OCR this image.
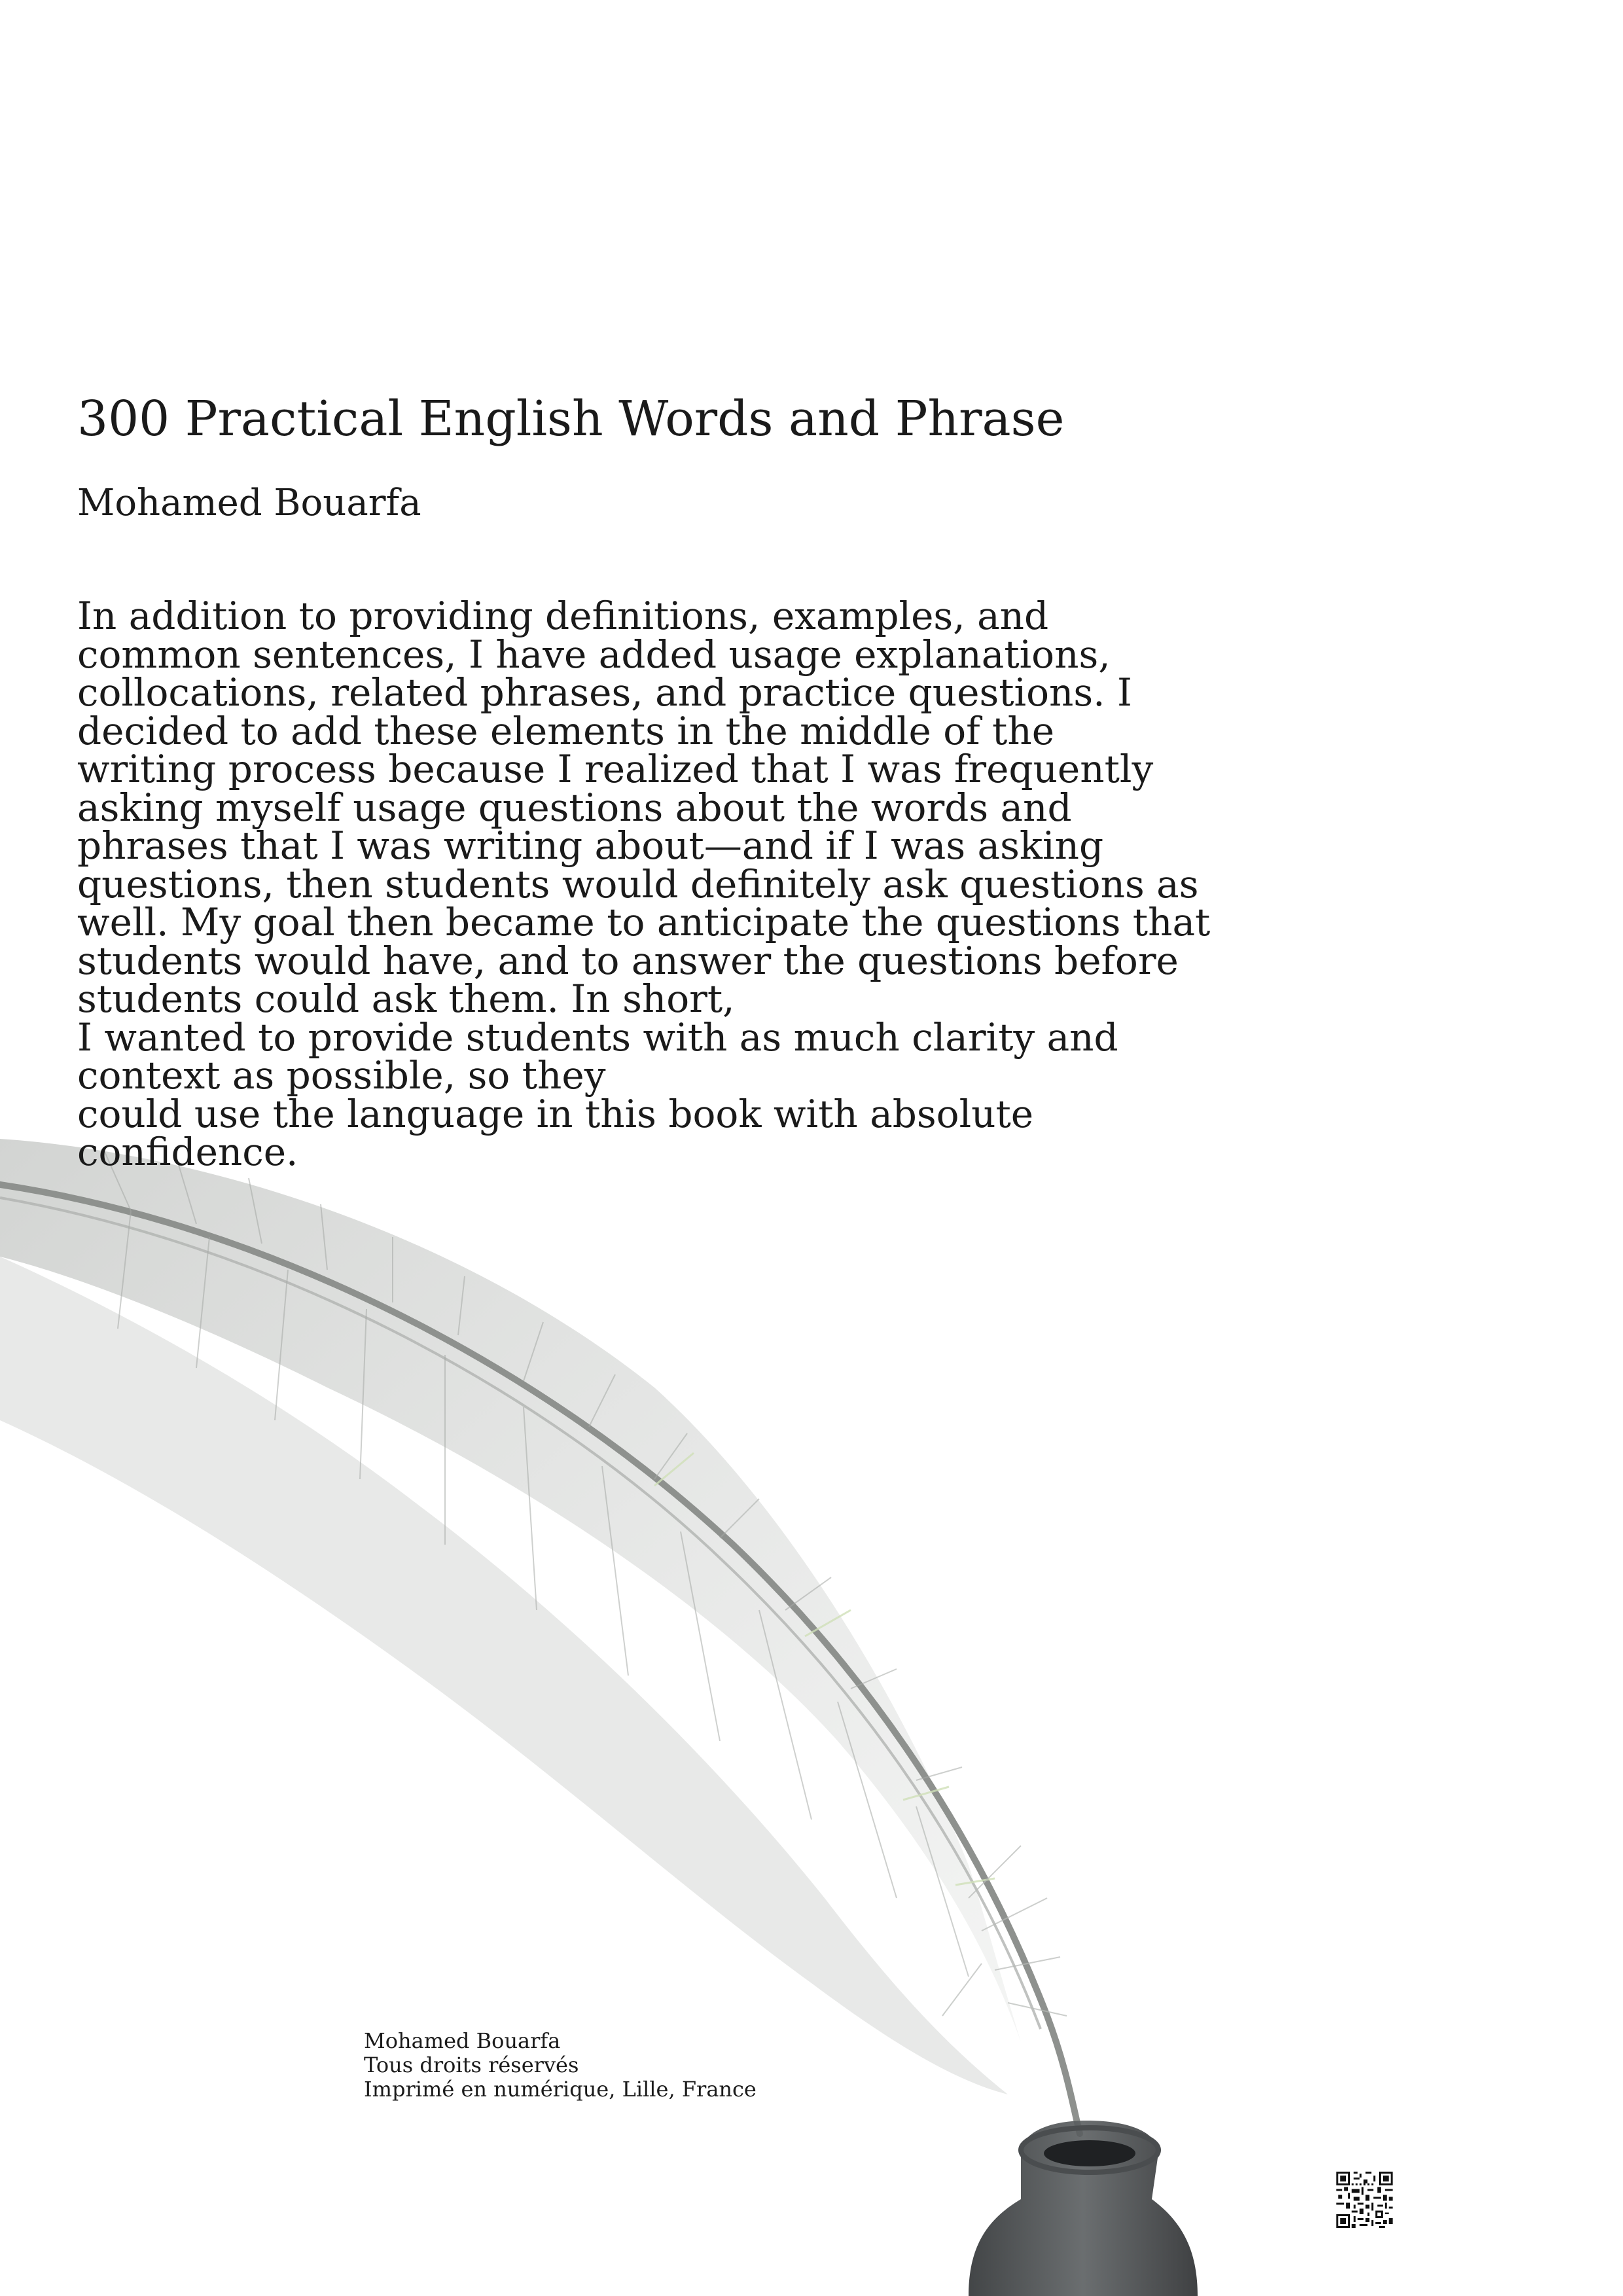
300 Practical English Words and Phrase

Mohamed Bouarfa

In addition to providing definitions, examples, and
common sentences, I have added usage explanations,
collocations, related phrases, and practice questions. I
decided to add these elements in the middle of the
writing process because I realized that I was frequently
asking myself usage questions about the words and
phrases that I was writing about—and if I was asking
questions, then students would definitely ask questions as
well. My goal then became to anticipate the questions that
students would have, and to answer the questions before
students could ask them. In short,
I wanted to provide students with as much clarity and
context as possible, so they
could use the language in this book with absolute
confidence.
Mohamed Bouarfa
Tous droits réservés
Imprimé en numérique, Lille, France
